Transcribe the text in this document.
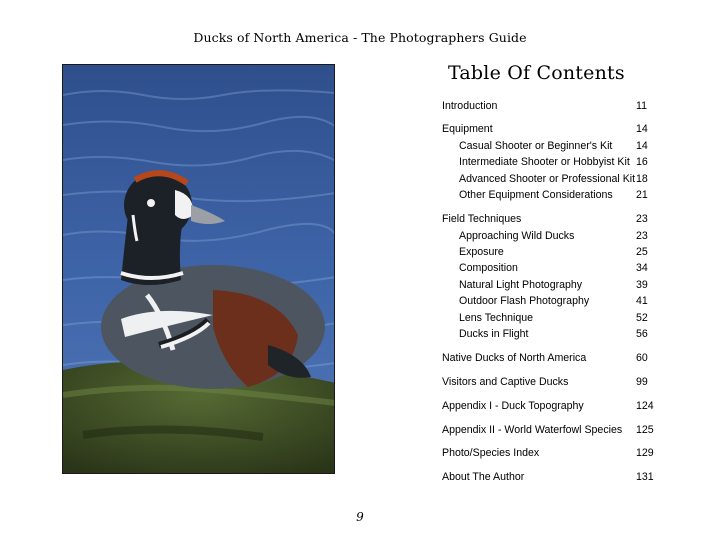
Ducks of North America - The Photographers Guide
Table Of Contents
Introduction	11
Equipment	14
Casual Shooter or Beginner's Kit 14
Intermediate Shooter or Hobbyist Kit 16
Advanced Shooter or Professional Kit 18
Other Equipment Considerations 21
Field Techniques	23
Approaching Wild Ducks	23
Exposure	25
Composition	34
Natural Light Photography	39
Outdoor Flash Photography	41
Lens Technique	52
Ducks in Flight	56
Native Ducks of North America	60
Visitors and Captive Ducks	99
Appendix I - Duck Topography	124
Appendix II - World Waterfowl Species 125
Photo/Species Index	129
About The Author	131
9
